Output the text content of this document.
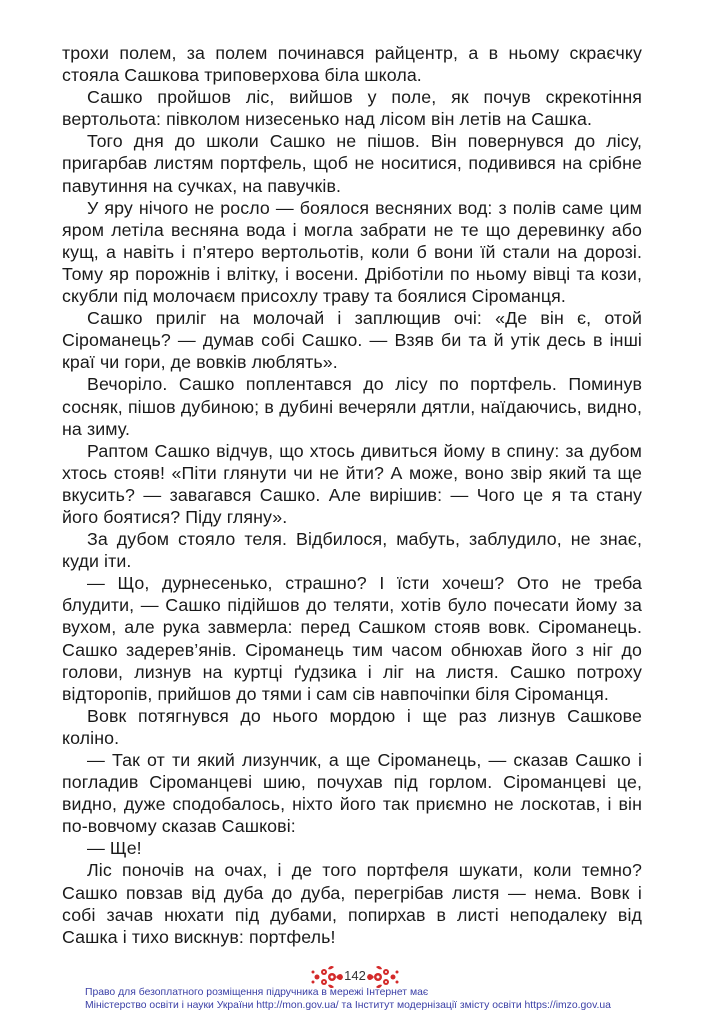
трохи полем, за полем починався райцентр, а в ньому скраєчку стояла Сашкова триповерхова біла школа.

Сашко пройшов ліс, вийшов у поле, як почув скрекотіння вертольота: півколом низесенько над лісом він летів на Сашка.

Того дня до школи Сашко не пішов. Він повернувся до лісу, пригарбав листям портфель, щоб не носитися, подивився на срібне павутиння на сучках, на павучків.

У яру нічого не росло — боялося весняних вод: з полів саме цим яром летіла весняна вода і могла забрати не те що деревинку або кущ, а навіть і п’ятеро вертольотів, коли б вони їй стали на дорозі. Тому яр порожнів і влітку, і восени. Дріботіли по ньому вівці та кози, скубли під молочаєм присохлу траву та боялися Сіроманця.

Сашко приліг на молочай і заплющив очі: «Де він є, отой Сіроманець? — думав собі Сашко. — Взяв би та й утік десь в інші краї чи гори, де вовків люблять».

Вечоріло. Сашко поплентався до лісу по портфель. Поминув сосняк, пішов дубиною; в дубині вечеряли дятли, наїдаючись, видно, на зиму.

Раптом Сашко відчув, що хтось дивиться йому в спину: за дубом хтось стояв! «Піти глянути чи не йти? А може, воно звір який та ще вкусить? — завагався Сашко. Але вирішив: — Чого це я та стану його боятися? Піду гляну».

За дубом стояло теля. Відбилося, мабуть, заблудило, не знає, куди іти.

— Що, дурнесенько, страшно? І їсти хочеш? Ото не треба блудити, — Сашко підійшов до теляти, хотів було почесати йому за вухом, але рука завмерла: перед Сашком стояв вовк. Сіроманець. Сашко задерев’янів. Сіроманець тим часом обнюхав його з ніг до голови, лизнув на куртці ґудзика і ліг на листя. Сашко потроху відторопів, прийшов до тями і сам сів навпочіпки біля Сіроманця.

Вовк потягнувся до нього мордою і ще раз лизнув Сашкове коліно.

— Так от ти який лизунчик, а ще Сіроманець, — сказав Сашко і погладив Сіроманцеві шию, почухав під горлом. Сіроманцеві це, видно, дуже сподобалось, ніхто його так приємно не лоскотав, і він по-вовчому сказав Сашкові:

— Ще!

Ліс поночів на очах, і де того портфеля шукати, коли темно? Сашко повзав від дуба до дуба, перегрібав листя — нема. Вовк і собі зачав нюхати під дубами, попирхав в листі неподалеку від Сашка і тихо вискнув: портфель!

142
Право для безоплатного розміщення підручника в мережі Інтернет має
Міністерство освіти і науки України http://mon.gov.ua/ та Інститут модернізації змісту освіти https://imzo.gov.ua
